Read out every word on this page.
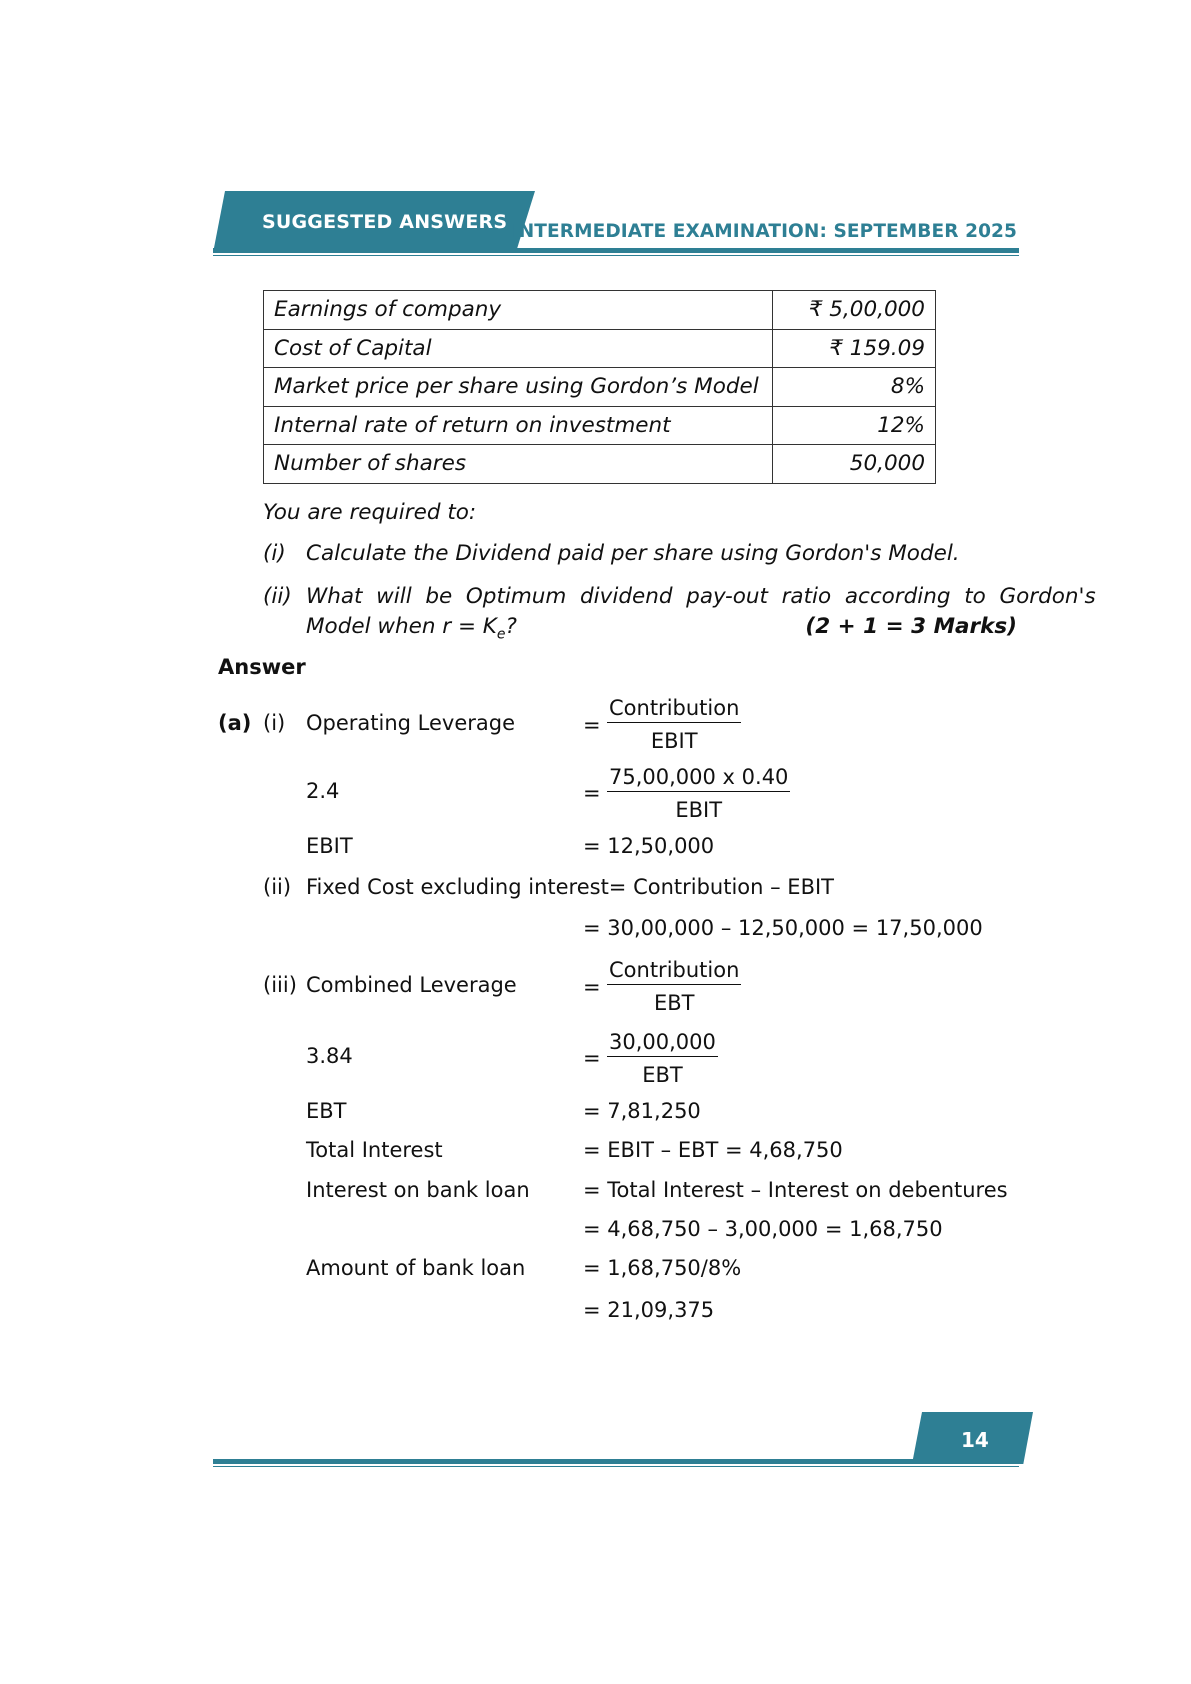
SUGGESTED ANSWERS INTERMEDIATE EXAMINATION: SEPTEMBER 2025
Earnings of company	₹ 5,00,000
Cost of Capital	₹ 159.09
Market price per share using Gordon’s Model	8%
Internal rate of return on investment	12%
Number of shares	50,000
You are required to:
(i) Calculate the Dividend paid per share using Gordon's Model.
(ii) What  will  be  Optimum  dividend  pay-out  ratio  according  to  Gordon's
Model when $r = K_e$?	(2 + 1 = 3 Marks)
Answer
(a) (i) Operating Leverage	=
Contribution
EBIT
2.4	=
75,00,000 x 0.40
EBIT
EBIT	= 12,50,000
(ii) Fixed Cost excluding interest= Contribution – EBIT
= 30,00,000 – 12,50,000 = 17,50,000
(iii) Combined Leverage	=
Contribution
EBT
3.84	=
30,00,000
EBT
EBT	= 7,81,250
Total Interest	= EBIT – EBT = 4,68,750
Interest on bank loan	= Total Interest – Interest on debentures
= 4,68,750 – 3,00,000 = 1,68,750
Amount of bank loan	= 1,68,750/8%
= 21,09,375
14
